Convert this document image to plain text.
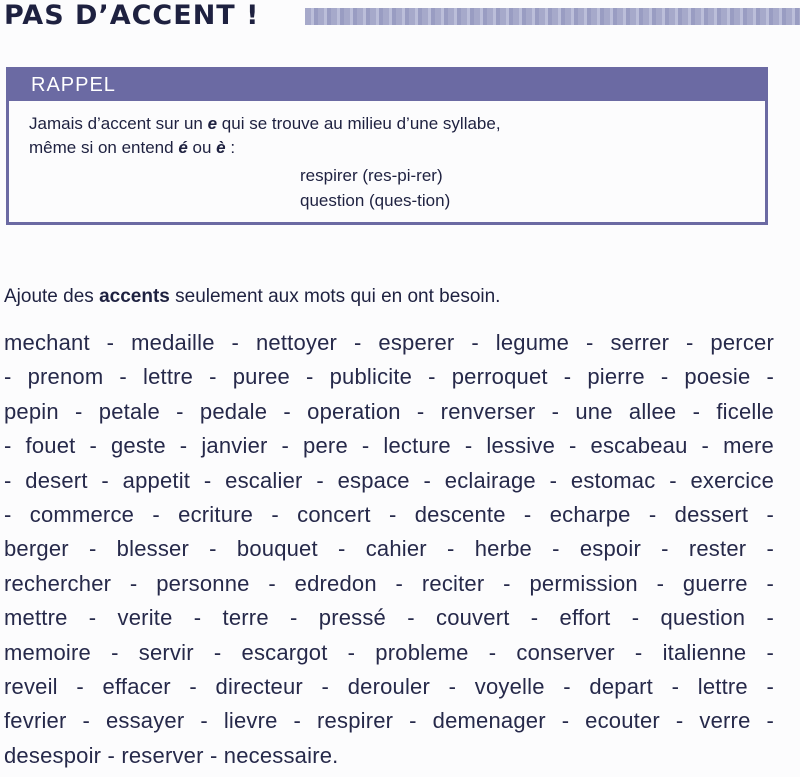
PAS D’ACCENT !
RAPPEL
Jamais d’accent sur un e qui se trouve au milieu d’une syllabe,
même si on entend é ou è :
respirer (res-pi-rer)
question (ques-tion)
Ajoute des accents seulement aux mots qui en ont besoin.
mechant - medaille - nettoyer - esperer - legume - serrer - percer
- prenom - lettre - puree - publicite - perroquet - pierre - poesie -
pepin - petale - pedale - operation - renverser - une allee - ficelle
- fouet - geste - janvier - pere - lecture - lessive - escabeau - mere
- desert - appetit - escalier - espace - eclairage - estomac - exercice
- commerce - ecriture - concert - descente - echarpe - dessert -
berger - blesser - bouquet - cahier - herbe - espoir - rester -
rechercher - personne - edredon - reciter - permission - guerre -
mettre - verite - terre - pressé - couvert - effort - question -
memoire - servir - escargot - probleme - conserver - italienne -
reveil - effacer - directeur - derouler - voyelle - depart - lettre -
fevrier - essayer - lievre - respirer - demenager - ecouter - verre -
desespoir - reserver - necessaire.
